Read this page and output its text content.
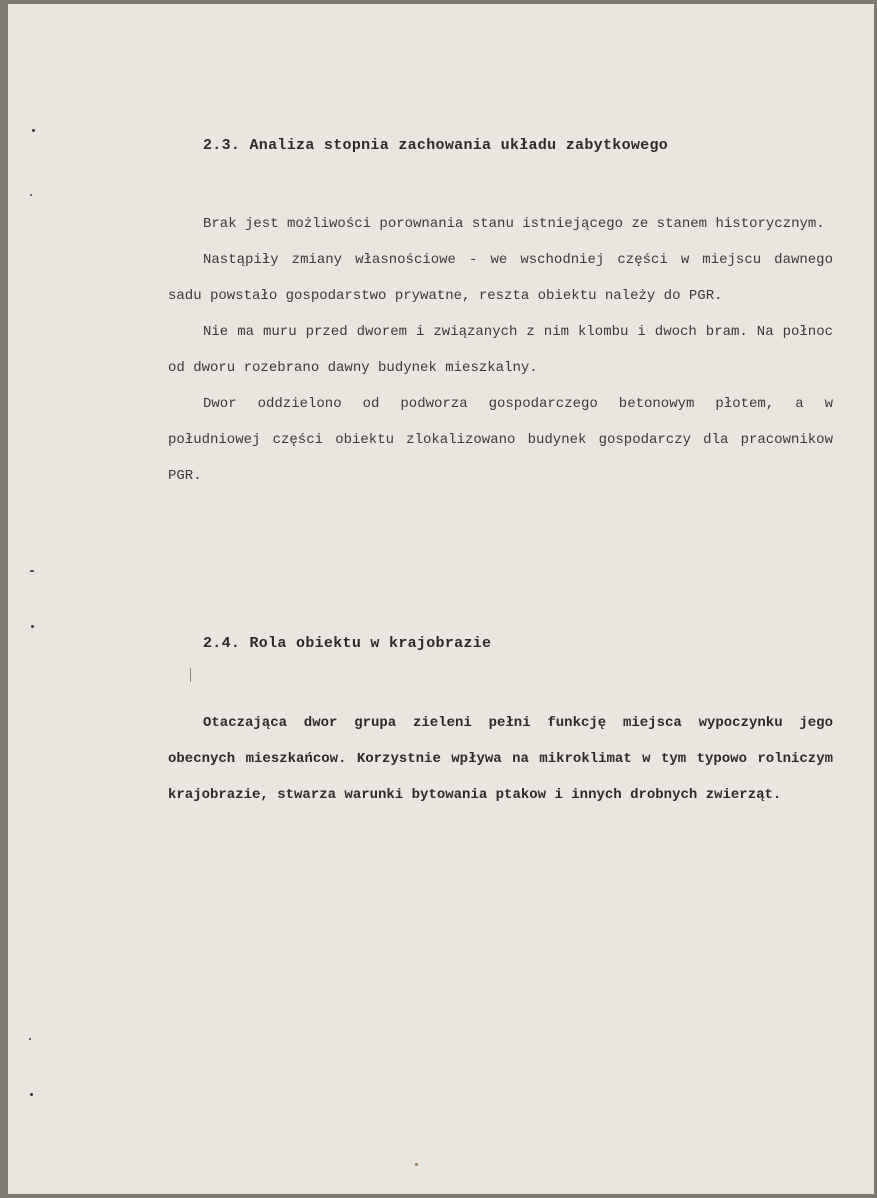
2.3. Analiza stopnia zachowania układu zabytkowego

Brak jest możliwości porownania stanu istniejącego ze stanem historycznym.

Nastąpiły zmiany własnościowe - we wschodniej części w miejscu dawnego sadu powstało gospodarstwo prywatne, reszta obiektu należy do PGR.

Nie ma muru przed dworem i związanych z nim klombu i dwoch bram. Na połnoc od dworu rozebrano dawny budynek mieszkalny.

Dwor oddzielono od podworza gospodarczego betonowym płotem, a w południowej części obiektu zlokalizowano budynek gospodarczy dla pracownikow PGR.

2.4. Rola obiektu w krajobrazie

Otaczająca dwor grupa zieleni pełni funkcję miejsca wypoczynku jego obecnych mieszkańcow. Korzystnie wpływa na mikroklimat w tym typowo rolniczym krajobrazie, stwarza warunki bytowania ptakow i innych drobnych zwierząt.
